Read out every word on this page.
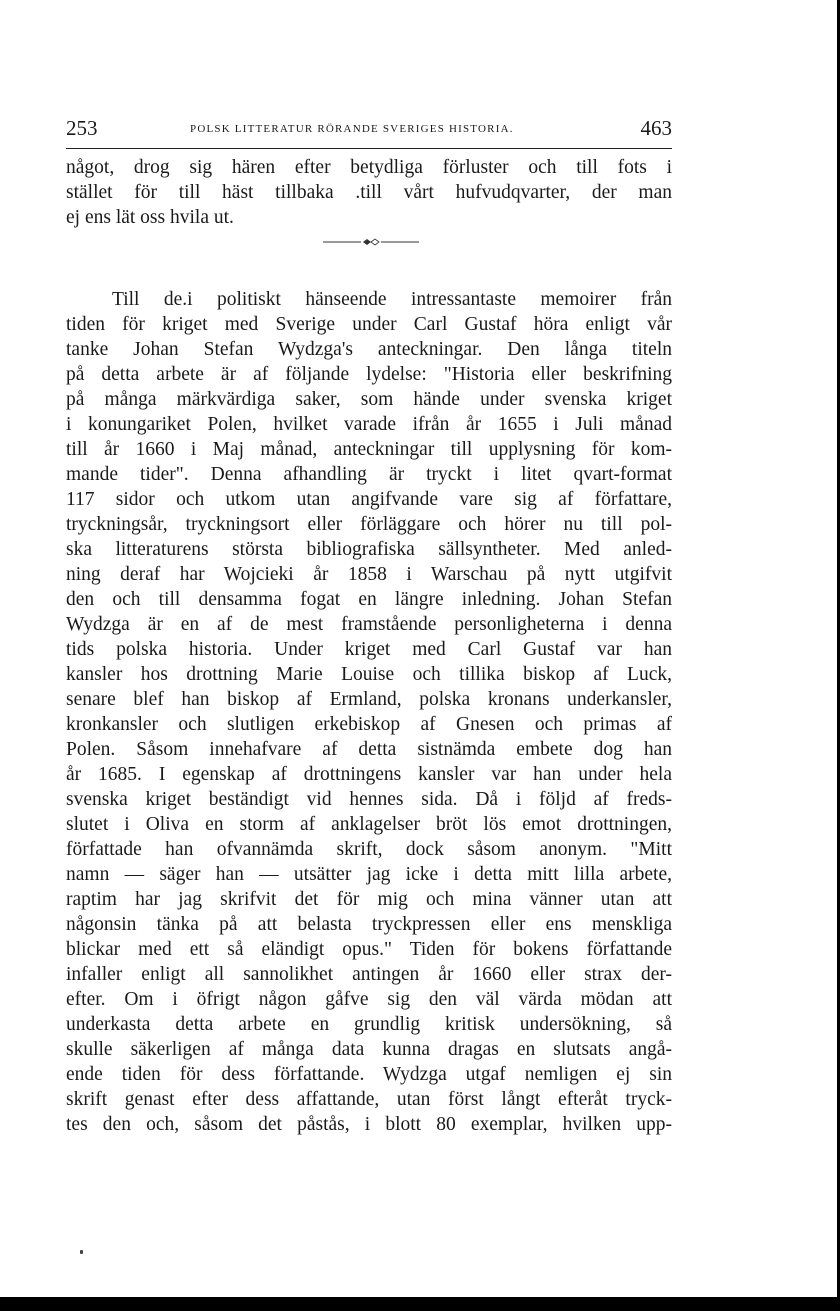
253	POLSK LITTERATUR RÖRANDE SVERIGES HISTORIA.	463
något, drog sig hären efter betydliga förluster och till fots i
stället för till häst tillbaka .till vårt hufvudqvarter, der man
ej ens lät oss hvila ut.
Till de.i politiskt hänseende intressantaste memoirer från
tiden för kriget med Sverige under Carl Gustaf höra enligt vår
tanke Johan Stefan Wydzga's anteckningar. Den långa titeln
på detta arbete är af följande lydelse: "Historia eller beskrifning
på många märkvärdiga saker, som hände under svenska kriget
i konungariket Polen, hvilket varade ifrån år 1655 i Juli månad
till år 1660 i Maj månad, anteckningar till upplysning för kom-
mande tider". Denna afhandling är tryckt i litet qvart-format
117 sidor och utkom utan angifvande vare sig af författare,
tryckningsår, tryckningsort eller förläggare och hörer nu till pol-
ska litteraturens största bibliografiska sällsyntheter. Med anled-
ning deraf har Wojcieki år 1858 i Warschau på nytt utgifvit
den och till densamma fogat en längre inledning. Johan Stefan
Wydzga är en af de mest framstående personligheterna i denna
tids polska historia. Under kriget med Carl Gustaf var han
kansler hos drottning Marie Louise och tillika biskop af Luck,
senare blef han biskop af Ermland, polska kronans underkansler,
kronkansler och slutligen erkebiskop af Gnesen och primas af
Polen. Såsom innehafvare af detta sistnämda embete dog han
år 1685. I egenskap af drottningens kansler var han under hela
svenska kriget beständigt vid hennes sida. Då i följd af freds-
slutet i Oliva en storm af anklagelser bröt lös emot drottningen,
författade han ofvannämda skrift, dock såsom anonym. "Mitt
namn — säger han — utsätter jag icke i detta mitt lilla arbete,
raptim har jag skrifvit det för mig och mina vänner utan att
någonsin tänka på att belasta tryckpressen eller ens menskliga
blickar med ett så eländigt opus." Tiden för bokens författande
infaller enligt all sannolikhet antingen år 1660 eller strax der-
efter. Om i öfrigt någon gåfve sig den väl värda mödan att
underkasta detta arbete en grundlig kritisk undersökning, så
skulle säkerligen af många data kunna dragas en slutsats angå-
ende tiden för dess författande. Wydzga utgaf nemligen ej sin
skrift genast efter dess affattande, utan först långt efteråt tryck-
tes den och, såsom det påstås, i blott 80 exemplar, hvilken upp-
